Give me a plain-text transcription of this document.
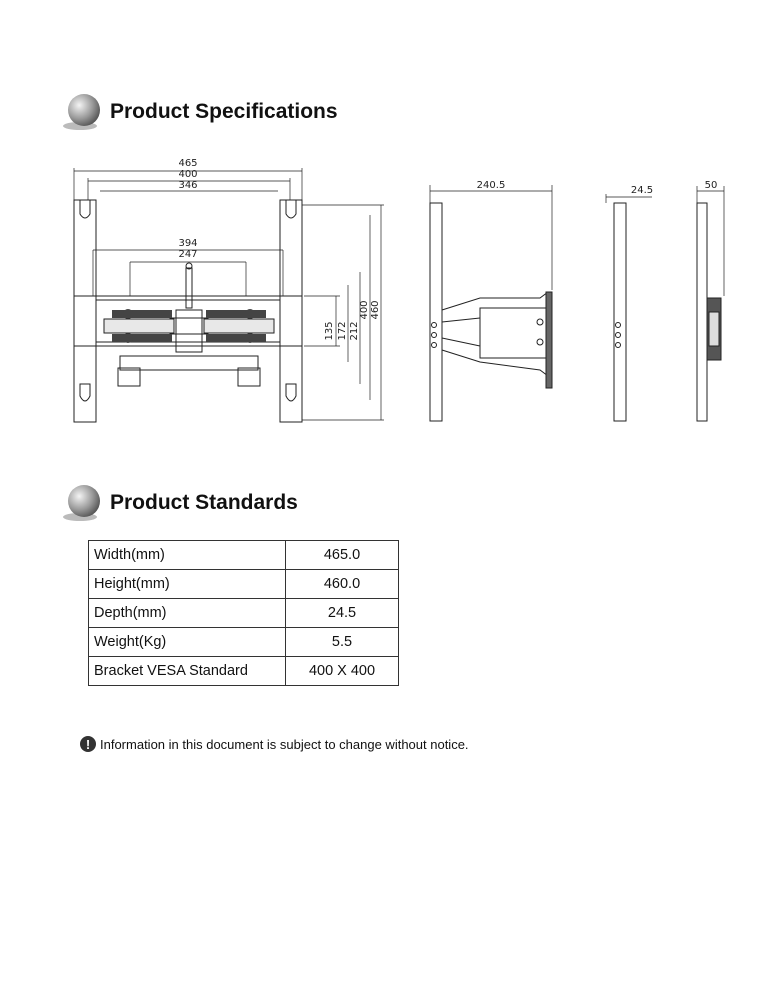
Product Specifications
465
400
346
394
247
135 172 212
400 460
240.5	24.5	50
Product Standards
Width(mm)	465.0
Height(mm)	460.0
Depth(mm)	24.5
Weight(Kg)	5.5
Bracket VESA Standard	400 X 400
! Information in this document is subject to change without notice.
